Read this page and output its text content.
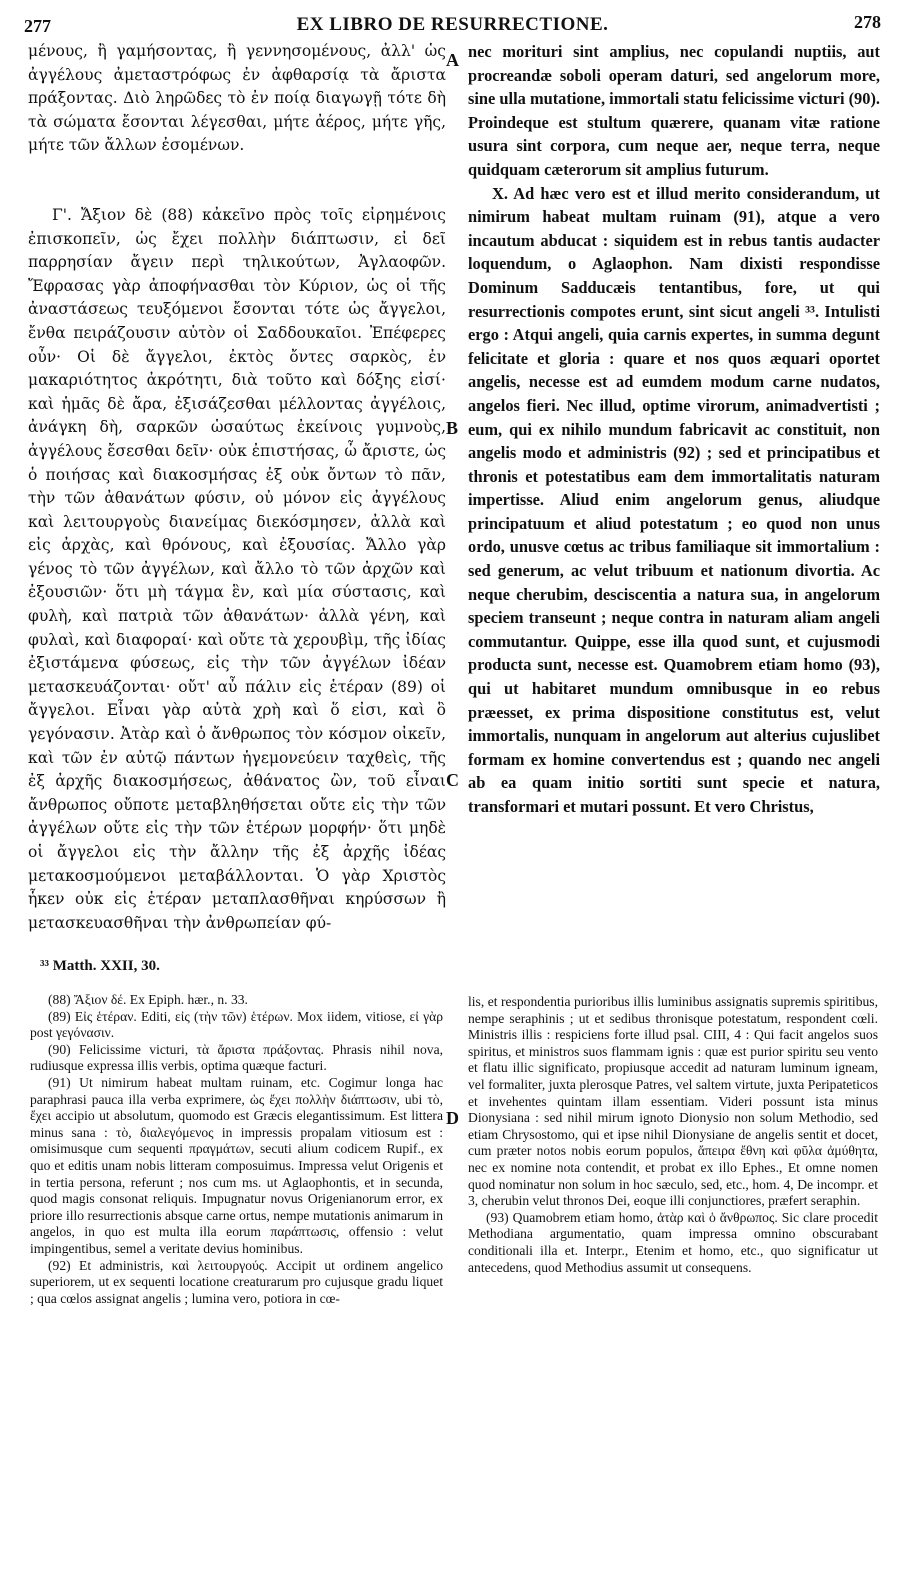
277	EX LIBRO DE RESURRECTIONE.	278

μένους, ἢ γαμήσοντας, ἢ γεννησομένους, ἀλλ' ὡς ἀγγέλους ἀμεταστρόφως ἐν ἀφθαρσίᾳ τὰ ἄριστα πράξοντας. Διὸ ληρῶδες τὸ ἐν ποίᾳ διαγωγῇ τότε δὴ τὰ σώματα ἔσονται λέγεσθαι, μήτε ἀέρος, μήτε γῆς, μήτε τῶν ἄλλων ἐσομένων.

Γ'. Ἄξιον δὲ (88) κἀκεῖνο πρὸς τοῖς εἰρημένοις ἐπισκοπεῖν, ὡς ἔχει πολλὴν διάπτωσιν, εἰ δεῖ παρρησίαν ἄγειν περὶ τηλικούτων, Ἀγλαοφῶν. Ἔφρασας γὰρ ἀποφήνασθαι τὸν Κύριον, ὡς οἱ τῆς ἀναστάσεως τευξόμενοι ἔσονται τότε ὡς ἄγγελοι, ἔνθα πειράζουσιν αὐτὸν οἱ Σαδδουκαῖοι. Ἐπέφερες οὖν· Οἱ δὲ ἄγγελοι, ἐκτὸς ὄντες σαρκὸς, ἐν μακαριότητος ἀκρότητι, διὰ τοῦτο καὶ δόξης εἰσί· καὶ ἡμᾶς δὲ ἄρα, ἐξισάζεσθαι μέλλοντας ἀγγέλοις, ἀνάγκη δὴ, σαρκῶν ὡσαύτως ἐκείνοις γυμνοὺς, ἀγγέλους ἔσεσθαι δεῖν· οὐκ ἐπιστήσας, ὦ ἄριστε, ὡς ὁ ποιήσας καὶ διακοσμήσας ἐξ οὐκ ὄντων τὸ πᾶν, τὴν τῶν ἀθανάτων φύσιν, οὐ μόνον εἰς ἀγγέλους καὶ λειτουργοὺς διανείμας διεκόσμησεν, ἀλλὰ καὶ εἰς ἀρχὰς, καὶ θρόνους, καὶ ἐξουσίας. Ἄλλο γὰρ γένος τὸ τῶν ἀγγέλων, καὶ ἄλλο τὸ τῶν ἀρχῶν καὶ ἐξουσιῶν· ὅτι μὴ τάγμα ἓν, καὶ μία σύστασις, καὶ φυλὴ, καὶ πατριὰ τῶν ἀθανάτων· ἀλλὰ γένη, καὶ φυλαὶ, καὶ διαφοραί· καὶ οὔτε τὰ χερουβὶμ, τῆς ἰδίας ἐξιστάμενα φύσεως, εἰς τὴν τῶν ἀγγέλων ἰδέαν μετασκευάζονται· οὔτ' αὖ πάλιν εἰς ἑτέραν (89) οἱ ἄγγελοι. Εἶναι γὰρ αὐτὰ χρὴ καὶ ὅ εἰσι, καὶ ὃ γεγόνασιν. Ἀτὰρ καὶ ὁ ἄνθρωπος τὸν κόσμον οἰκεῖν, καὶ τῶν ἐν αὐτῷ πάντων ἡγεμονεύειν ταχθεὶς, τῆς ἐξ ἀρχῆς διακοσμήσεως, ἀθάνατος ὢν, τοῦ εἶναι ἄνθρωπος οὔποτε μεταβληθήσεται οὔτε εἰς τὴν τῶν ἀγγέλων οὔτε εἰς τὴν τῶν ἑτέρων μορφήν· ὅτι μηδὲ οἱ ἄγγελοι εἰς τὴν ἄλλην τῆς ἐξ ἀρχῆς ἰδέας μετακοσμούμενοι μεταβάλλονται. Ὁ γὰρ Χριστὸς ἧκεν οὐκ εἰς ἑτέραν μεταπλασθῆναι κηρύσσων ἢ μετασκευασθῆναι τὴν ἀνθρωπείαν φύ-

nec morituri sint amplius, nec copulandi nuptiis, aut procreandæ soboli operam daturi, sed angelorum more, sine ulla mutatione, immortali statu felicissime victuri (90). Proindeque est stultum quærere, quanam vitæ ratione usura sint corpora, cum neque aer, neque terra, neque quidquam cæterorum sit amplius futurum.

X. Ad hæc vero est et illud merito considerandum, ut nimirum habeat multam ruinam (91), atque a vero incautum abducat : siquidem est in rebus tantis audacter loquendum, o Aglaophon. Nam dixisti respondisse Dominum Sadducæis tentantibus, fore, ut qui resurrectionis compotes erunt, sint sicut angeli ³³. Intulisti ergo : Atqui angeli, quia carnis expertes, in summa degunt felicitate et gloria : quare et nos quos æquari oportet angelis, necesse est ad eumdem modum carne nudatos, angelos fieri. Nec illud, optime virorum, animadvertisti ; eum, qui ex nihilo mundum fabricavit ac constituit, non angelis modo et administris (92) ; sed et principatibus et thronis et potestatibus eam dem immortalitatis naturam impertisse. Aliud enim angelorum genus, aliudque principatuum et aliud potestatum ; eo quod non unus ordo, unusve cœtus ac tribus familiaque sit immortalium : sed generum, ac velut tribuum et nationum divortia. Ac neque cherubim, desciscentia a natura sua, in angelorum speciem transeunt ; neque contra in naturam aliam angeli commutantur. Quippe, esse illa quod sunt, et cujusmodi producta sunt, necesse est. Quamobrem etiam homo (93), qui ut habitaret mundum omnibusque in eo rebus præesset, ex prima dispositione constitutus est, velut immortalis, nunquam in angelorum aut alterius cujuslibet formam ex homine convertendus est ; quando nec angeli ab ea quam initio sortiti sunt specie et natura, transformari et mutari possunt. Et vero Christus,

A
B
C
D
³³ Matth. XXII, 30.

(88) Ἄξιον δέ. Ex Epiph. hær., n. 33.

(89) Εἰς ἑτέραν. Editi, εἰς (τὴν τῶν) ἑτέρων. Mox iidem, vitiose, εἰ γὰρ post γεγόνασιν.

(90) Felicissime victuri, τὰ ἄριστα πράξοντας. Phrasis nihil nova, rudiusque expressa illis verbis, optima quæque facturi.

(91) Ut nimirum habeat multam ruinam, etc. Cogimur longa hac paraphrasi pauca illa verba exprimere, ὡς ἔχει πολλὴν διάπτωσιν, ubi τὸ, ἔχει accipio ut absolutum, quomodo est Græcis elegantissimum. Est littera minus sana : τὸ, διαλεγόμενος in impressis propalam vitiosum est : omisimusque cum sequenti πραγμάτων, secuti alium codicem Rupif., ex quo et editis unam nobis litteram composuimus. Impressa velut Origenis et in tertia persona, referunt ; nos cum ms. ut Aglaophontis, et in secunda, quod magis consonat reliquis. Impugnatur novus Origenianorum error, ex priore illo resurrectionis absque carne ortus, nempe mutationis animarum in angelos, in quo est multa illa eorum παράπτωσις, offensio : velut impingentibus, semel a veritate devius hominibus.

(92) Et administris, καὶ λειτουργούς. Accipit ut ordinem angelico superiorem, ut ex sequenti locatione creaturarum pro cujusque gradu liquet ; qua cœlos assignat angelis ; lumina vero, potiora in cœ-

lis, et respondentia purioribus illis luminibus assignatis supremis spiritibus, nempe seraphinis ; ut et sedibus thronisque potestatum, respondent cœli. Ministris illis : respiciens forte illud psal. CIII, 4 : Qui facit angelos suos spiritus, et ministros suos flammam ignis : quæ est purior spiritu seu vento et flatu illic significato, propiusque accedit ad naturam luminum igneam, vel formaliter, juxta plerosque Patres, vel saltem virtute, juxta Peripateticos et invehentes quintam illam essentiam. Videri possunt ista minus Dionysiana : sed nihil mirum ignoto Dionysio non solum Methodio, sed etiam Chrysostomo, qui et ipse nihil Dionysiane de angelis sentit et docet, cum præter notos nobis eorum populos, ἄπειρα ἔθνη καὶ φῦλα ἀμύθητα, nec ex nomine nota contendit, et probat ex illo Ephes., Et omne nomen quod nominatur non solum in hoc sæculo, sed, etc., hom. 4, De incompr. et 3, cherubin velut thronos Dei, eoque illi conjunctiores, præfert seraphin.

(93) Quamobrem etiam homo, ἀτὰρ καὶ ὁ ἄνθρωπος. Sic clare procedit Methodiana argumentatio, quam impressa omnino obscurabant conditionali illa et. Interpr., Etenim et homo, etc., quo significatur ut antecedens, quod Methodius assumit ut consequens.
